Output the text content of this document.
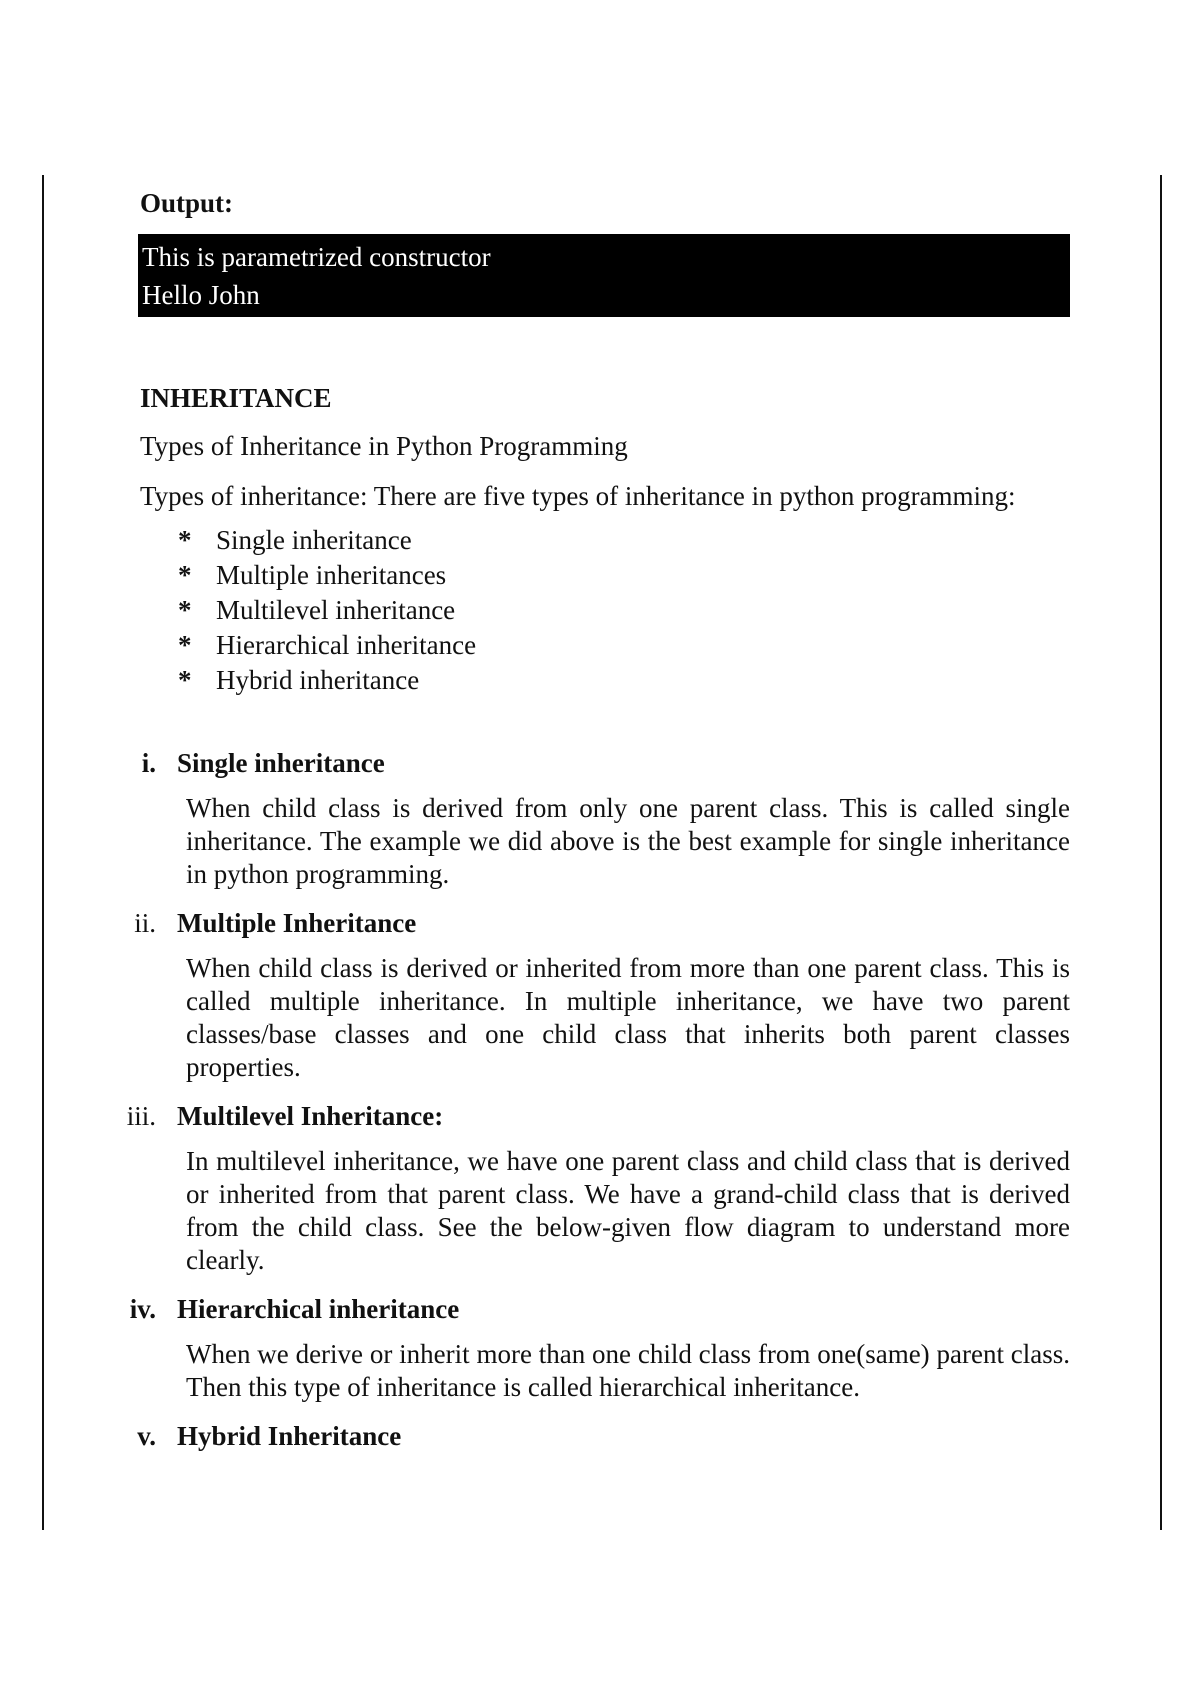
Output:
This is parametrized constructor
Hello John
INHERITANCE
Types of Inheritance in Python Programming
Types of inheritance: There are five types of inheritance in python programming:
* Single inheritance
* Multiple inheritances
* Multilevel inheritance
* Hierarchical inheritance
* Hybrid inheritance
i. Single inheritance
When child class is derived from only one parent class. This is called single inheritance. The example we did above is the best example for single inheritance in python programming.
ii. Multiple Inheritance
When child class is derived or inherited from more than one parent class. This is called multiple inheritance. In multiple inheritance, we have two parent classes/base classes and one child class that inherits both parent classes properties.
iii. Multilevel Inheritance:
In multilevel inheritance, we have one parent class and child class that is derived or inherited from that parent class. We have a grand-child class that is derived from the child class. See the below-given flow diagram to understand more clearly.
iv. Hierarchical inheritance
When we derive or inherit more than one child class from one(same) parent class. Then this type of inheritance is called hierarchical inheritance.
v. Hybrid Inheritance
